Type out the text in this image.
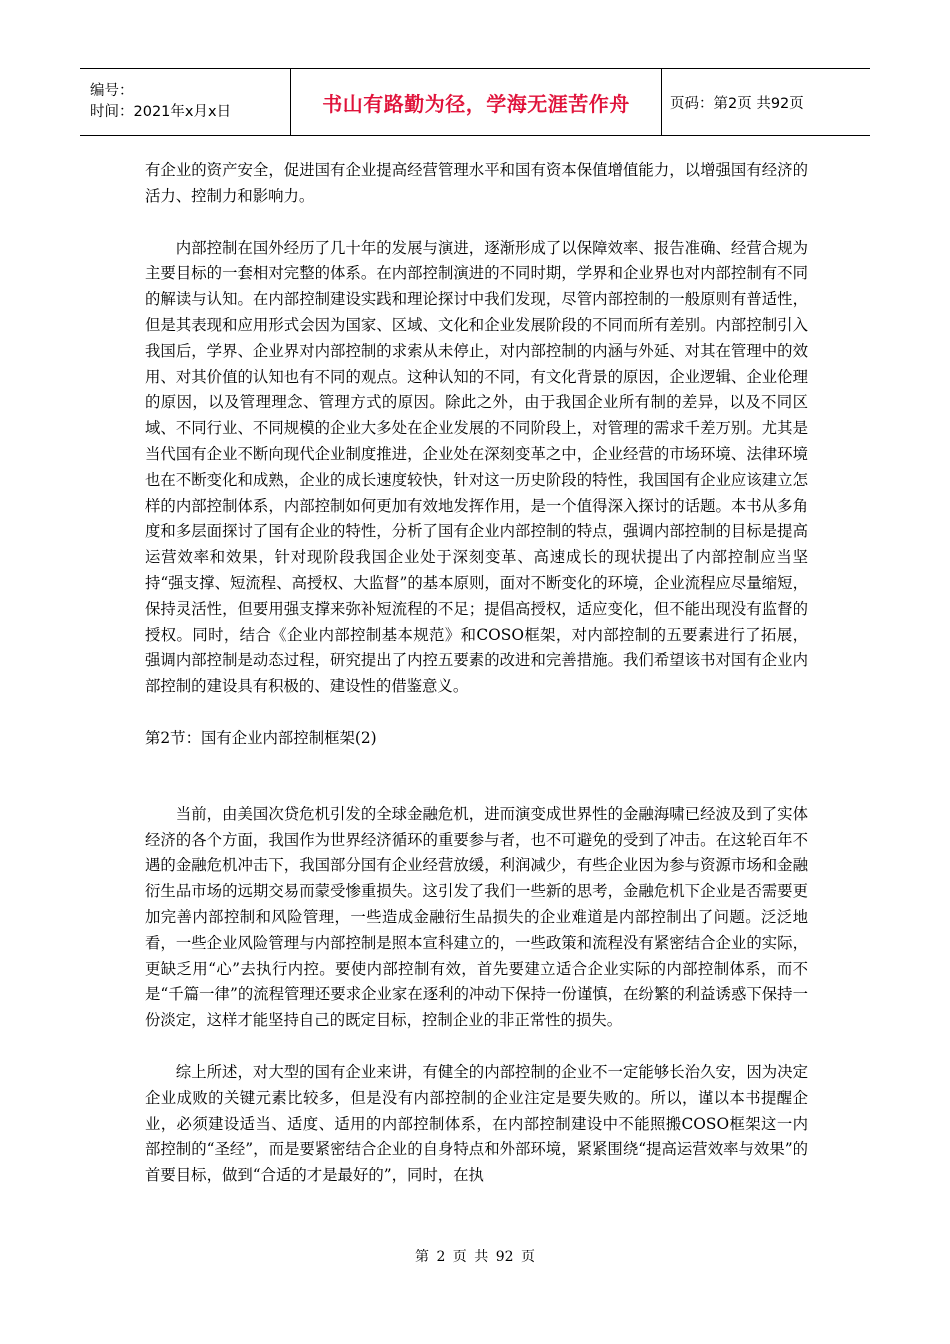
编号：
时间：2021年x月x日	书山有路勤为径，学海无涯苦作舟	页码：第2页 共92页

有企业的资产安全，促进国有企业提高经营管理水平和国有资本保值增值能力，以增强国有经济的活力、控制力和影响力。

内部控制在国外经历了几十年的发展与演进，逐渐形成了以保障效率、报告准确、经营合规为主要目标的一套相对完整的体系。在内部控制演进的不同时期，学界和企业界也对内部控制有不同的解读与认知。在内部控制建设实践和理论探讨中我们发现，尽管内部控制的一般原则有普适性，但是其表现和应用形式会因为国家、区域、文化和企业发展阶段的不同而所有差别。内部控制引入我国后，学界、企业界对内部控制的求索从未停止，对内部控制的内涵与外延、对其在管理中的效用、对其价值的认知也有不同的观点。这种认知的不同，有文化背景的原因，企业逻辑、企业伦理的原因，以及管理理念、管理方式的原因。除此之外，由于我国企业所有制的差异，以及不同区域、不同行业、不同规模的企业大多处在企业发展的不同阶段上，对管理的需求千差万别。尤其是当代国有企业不断向现代企业制度推进，企业处在深刻变革之中，企业经营的市场环境、法律环境也在不断变化和成熟，企业的成长速度较快，针对这一历史阶段的特性，我国国有企业应该建立怎样的内部控制体系，内部控制如何更加有效地发挥作用，是一个值得深入探讨的话题。本书从多角度和多层面探讨了国有企业的特性，分析了国有企业内部控制的特点，强调内部控制的目标是提高运营效率和效果，针对现阶段我国企业处于深刻变革、高速成长的现状提出了内部控制应当坚持“强支撑、短流程、高授权、大监督”的基本原则，面对不断变化的环境，企业流程应尽量缩短，保持灵活性，但要用强支撑来弥补短流程的不足；提倡高授权，适应变化，但不能出现没有监督的授权。同时，结合《企业内部控制基本规范》和COSO框架，对内部控制的五要素进行了拓展，强调内部控制是动态过程，研究提出了内控五要素的改进和完善措施。我们希望该书对国有企业内部控制的建设具有积极的、建设性的借鉴意义。

第2节：国有企业内部控制框架(2)

当前，由美国次贷危机引发的全球金融危机，进而演变成世界性的金融海啸已经波及到了实体经济的各个方面，我国作为世界经济循环的重要参与者，也不可避免的受到了冲击。在这轮百年不遇的金融危机冲击下，我国部分国有企业经营放缓，利润减少，有些企业因为参与资源市场和金融衍生品市场的远期交易而蒙受惨重损失。这引发了我们一些新的思考，金融危机下企业是否需要更加完善内部控制和风险管理，一些造成金融衍生品损失的企业难道是内部控制出了问题。泛泛地看，一些企业风险管理与内部控制是照本宣科建立的，一些政策和流程没有紧密结合企业的实际，更缺乏用“心”去执行内控。要使内部控制有效，首先要建立适合企业实际的内部控制体系，而不是“千篇一律”的流程管理还要求企业家在逐利的冲动下保持一份谨慎，在纷繁的利益诱惑下保持一份淡定，这样才能坚持自己的既定目标，控制企业的非正常性的损失。

综上所述，对大型的国有企业来讲，有健全的内部控制的企业不一定能够长治久安，因为决定企业成败的关键元素比较多，但是没有内部控制的企业注定是要失败的。所以，谨以本书提醒企业，必须建设适当、适度、适用的内部控制体系，在内部控制建设中不能照搬COSO框架这一内部控制的“圣经”，而是要紧密结合企业的自身特点和外部环境，紧紧围绕“提高运营效率与效果”的首要目标，做到“合适的才是最好的”，同时，在执

第 2 页 共 92 页
